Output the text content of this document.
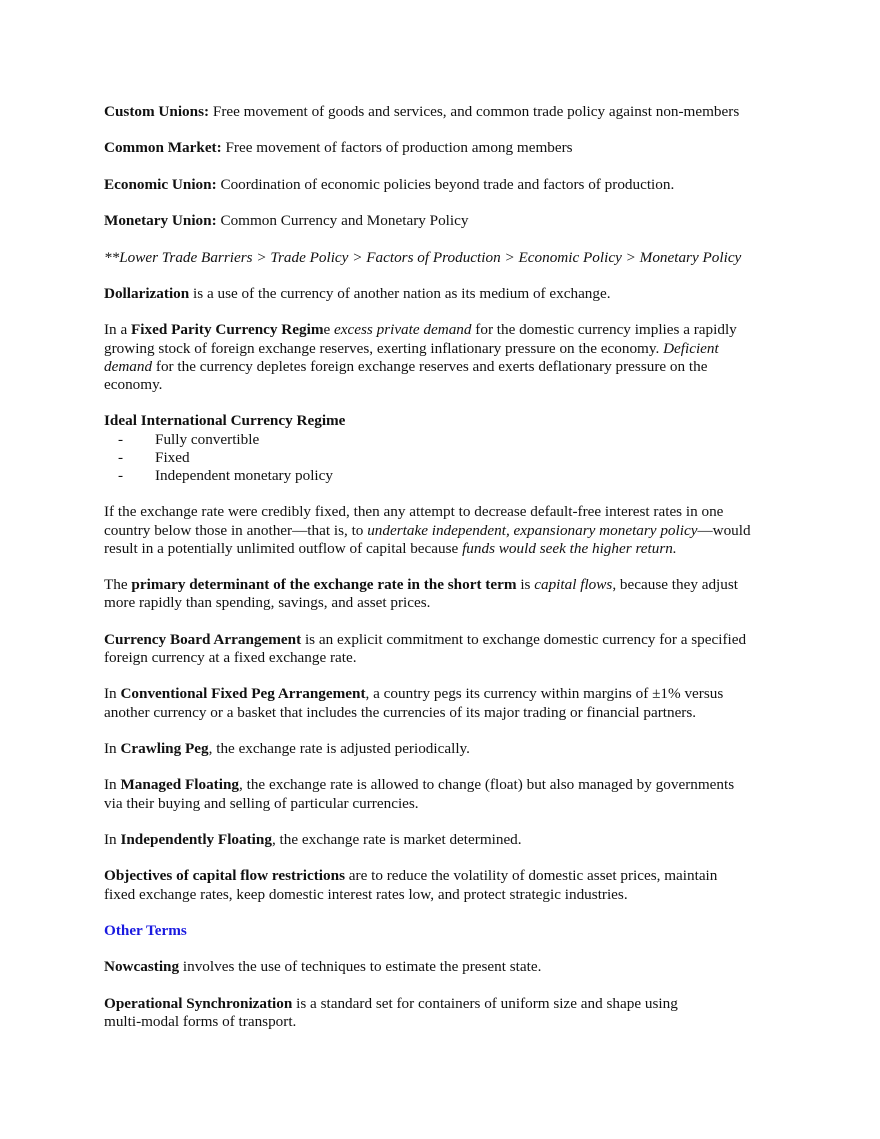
Custom Unions: Free movement of goods and services, and common trade policy against non-members

Common Market: Free movement of factors of production among members

Economic Union: Coordination of economic policies beyond trade and factors of production.

Monetary Union: Common Currency and Monetary Policy

**Lower Trade Barriers > Trade Policy > Factors of Production > Economic Policy > Monetary Policy

Dollarization is a use of the currency of another nation as its medium of exchange.

In a Fixed Parity Currency Regime excess private demand for the domestic currency implies a rapidly
growing stock of foreign exchange reserves, exerting inflationary pressure on the economy. Deficient
demand for the currency depletes foreign exchange reserves and exerts deflationary pressure on the
economy.

Ideal International Currency Regime
-	Fully convertible
-	Fixed
-	Independent monetary policy

If the exchange rate were credibly fixed, then any attempt to decrease default-free interest rates in one
country below those in another—that is, to undertake independent, expansionary monetary policy—would
result in a potentially unlimited outflow of capital because funds would seek the higher return.

The primary determinant of the exchange rate in the short term is capital flows, because they adjust
more rapidly than spending, savings, and asset prices.

Currency Board Arrangement is an explicit commitment to exchange domestic currency for a specified
foreign currency at a fixed exchange rate.

In Conventional Fixed Peg Arrangement, a country pegs its currency within margins of ±1% versus
another currency or a basket that includes the currencies of its major trading or financial partners.

In Crawling Peg, the exchange rate is adjusted periodically.

In Managed Floating, the exchange rate is allowed to change (float) but also managed by governments
via their buying and selling of particular currencies.

In Independently Floating, the exchange rate is market determined.

Objectives of capital flow restrictions are to reduce the volatility of domestic asset prices, maintain
fixed exchange rates, keep domestic interest rates low, and protect strategic industries.

Other Terms

Nowcasting involves the use of techniques to estimate the present state.

Operational Synchronization is a standard set for containers of uniform size and shape using
multi-modal forms of transport.
